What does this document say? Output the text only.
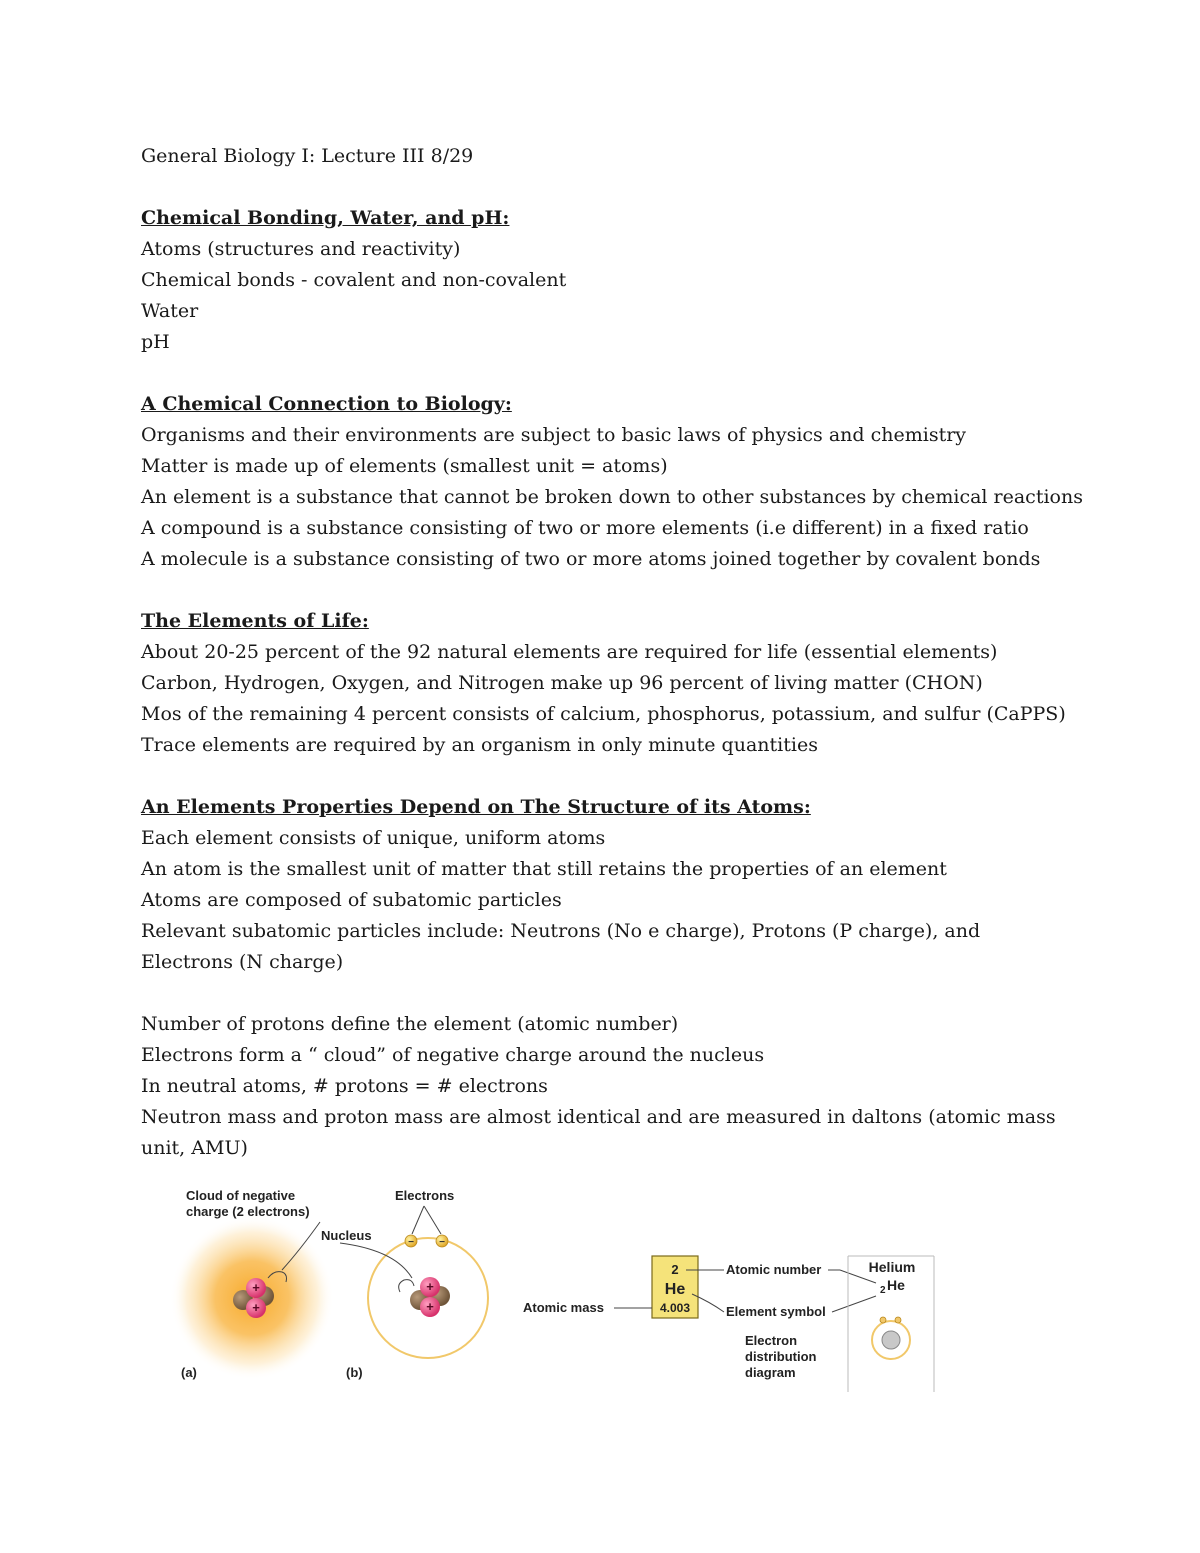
General Biology I: Lecture III 8/29
Chemical Bonding, Water, and pH:
Atoms (structures and reactivity)
Chemical bonds - covalent and non-covalent
Water
pH
A Chemical Connection to Biology:
Organisms and their environments are subject to basic laws of physics and chemistry
Matter is made up of elements (smallest unit = atoms)
An element is a substance that cannot be broken down to other substances by chemical reactions
A compound is a substance consisting of two or more elements (i.e different) in a fixed ratio
A molecule is a substance consisting of two or more atoms joined together by covalent bonds
The Elements of Life:
About 20-25 percent of the 92 natural elements are required for life (essential elements)
Carbon, Hydrogen, Oxygen, and Nitrogen make up 96 percent of living matter (CHON)
Mos of the remaining 4 percent consists of calcium, phosphorus, potassium, and sulfur (CaPPS)
Trace elements are required by an organism in only minute quantities
An Elements Properties Depend on The Structure of its Atoms:
Each element consists of unique, uniform atoms
An atom is the smallest unit of matter that still retains the properties of an element
Atoms are composed of subatomic particles
Relevant subatomic particles include: Neutrons (No e charge), Protons (P charge), and Electrons (N charge)
Number of protons define the element (atomic number)
Electrons form a “ cloud” of negative charge around the nucleus
In neutral atoms, # protons = # electrons
Neutron mass and proton mass are almost identical and are measured in daltons (atomic mass unit, AMU)
+
+
Cloud of negative
charge (2 electrons)
(a)
+
+
−	−
Electrons
Nucleus
(b)
2
He
4.003
Atomic number
Element symbol
Atomic mass
Helium
2 He
Electron
distribution
diagram
